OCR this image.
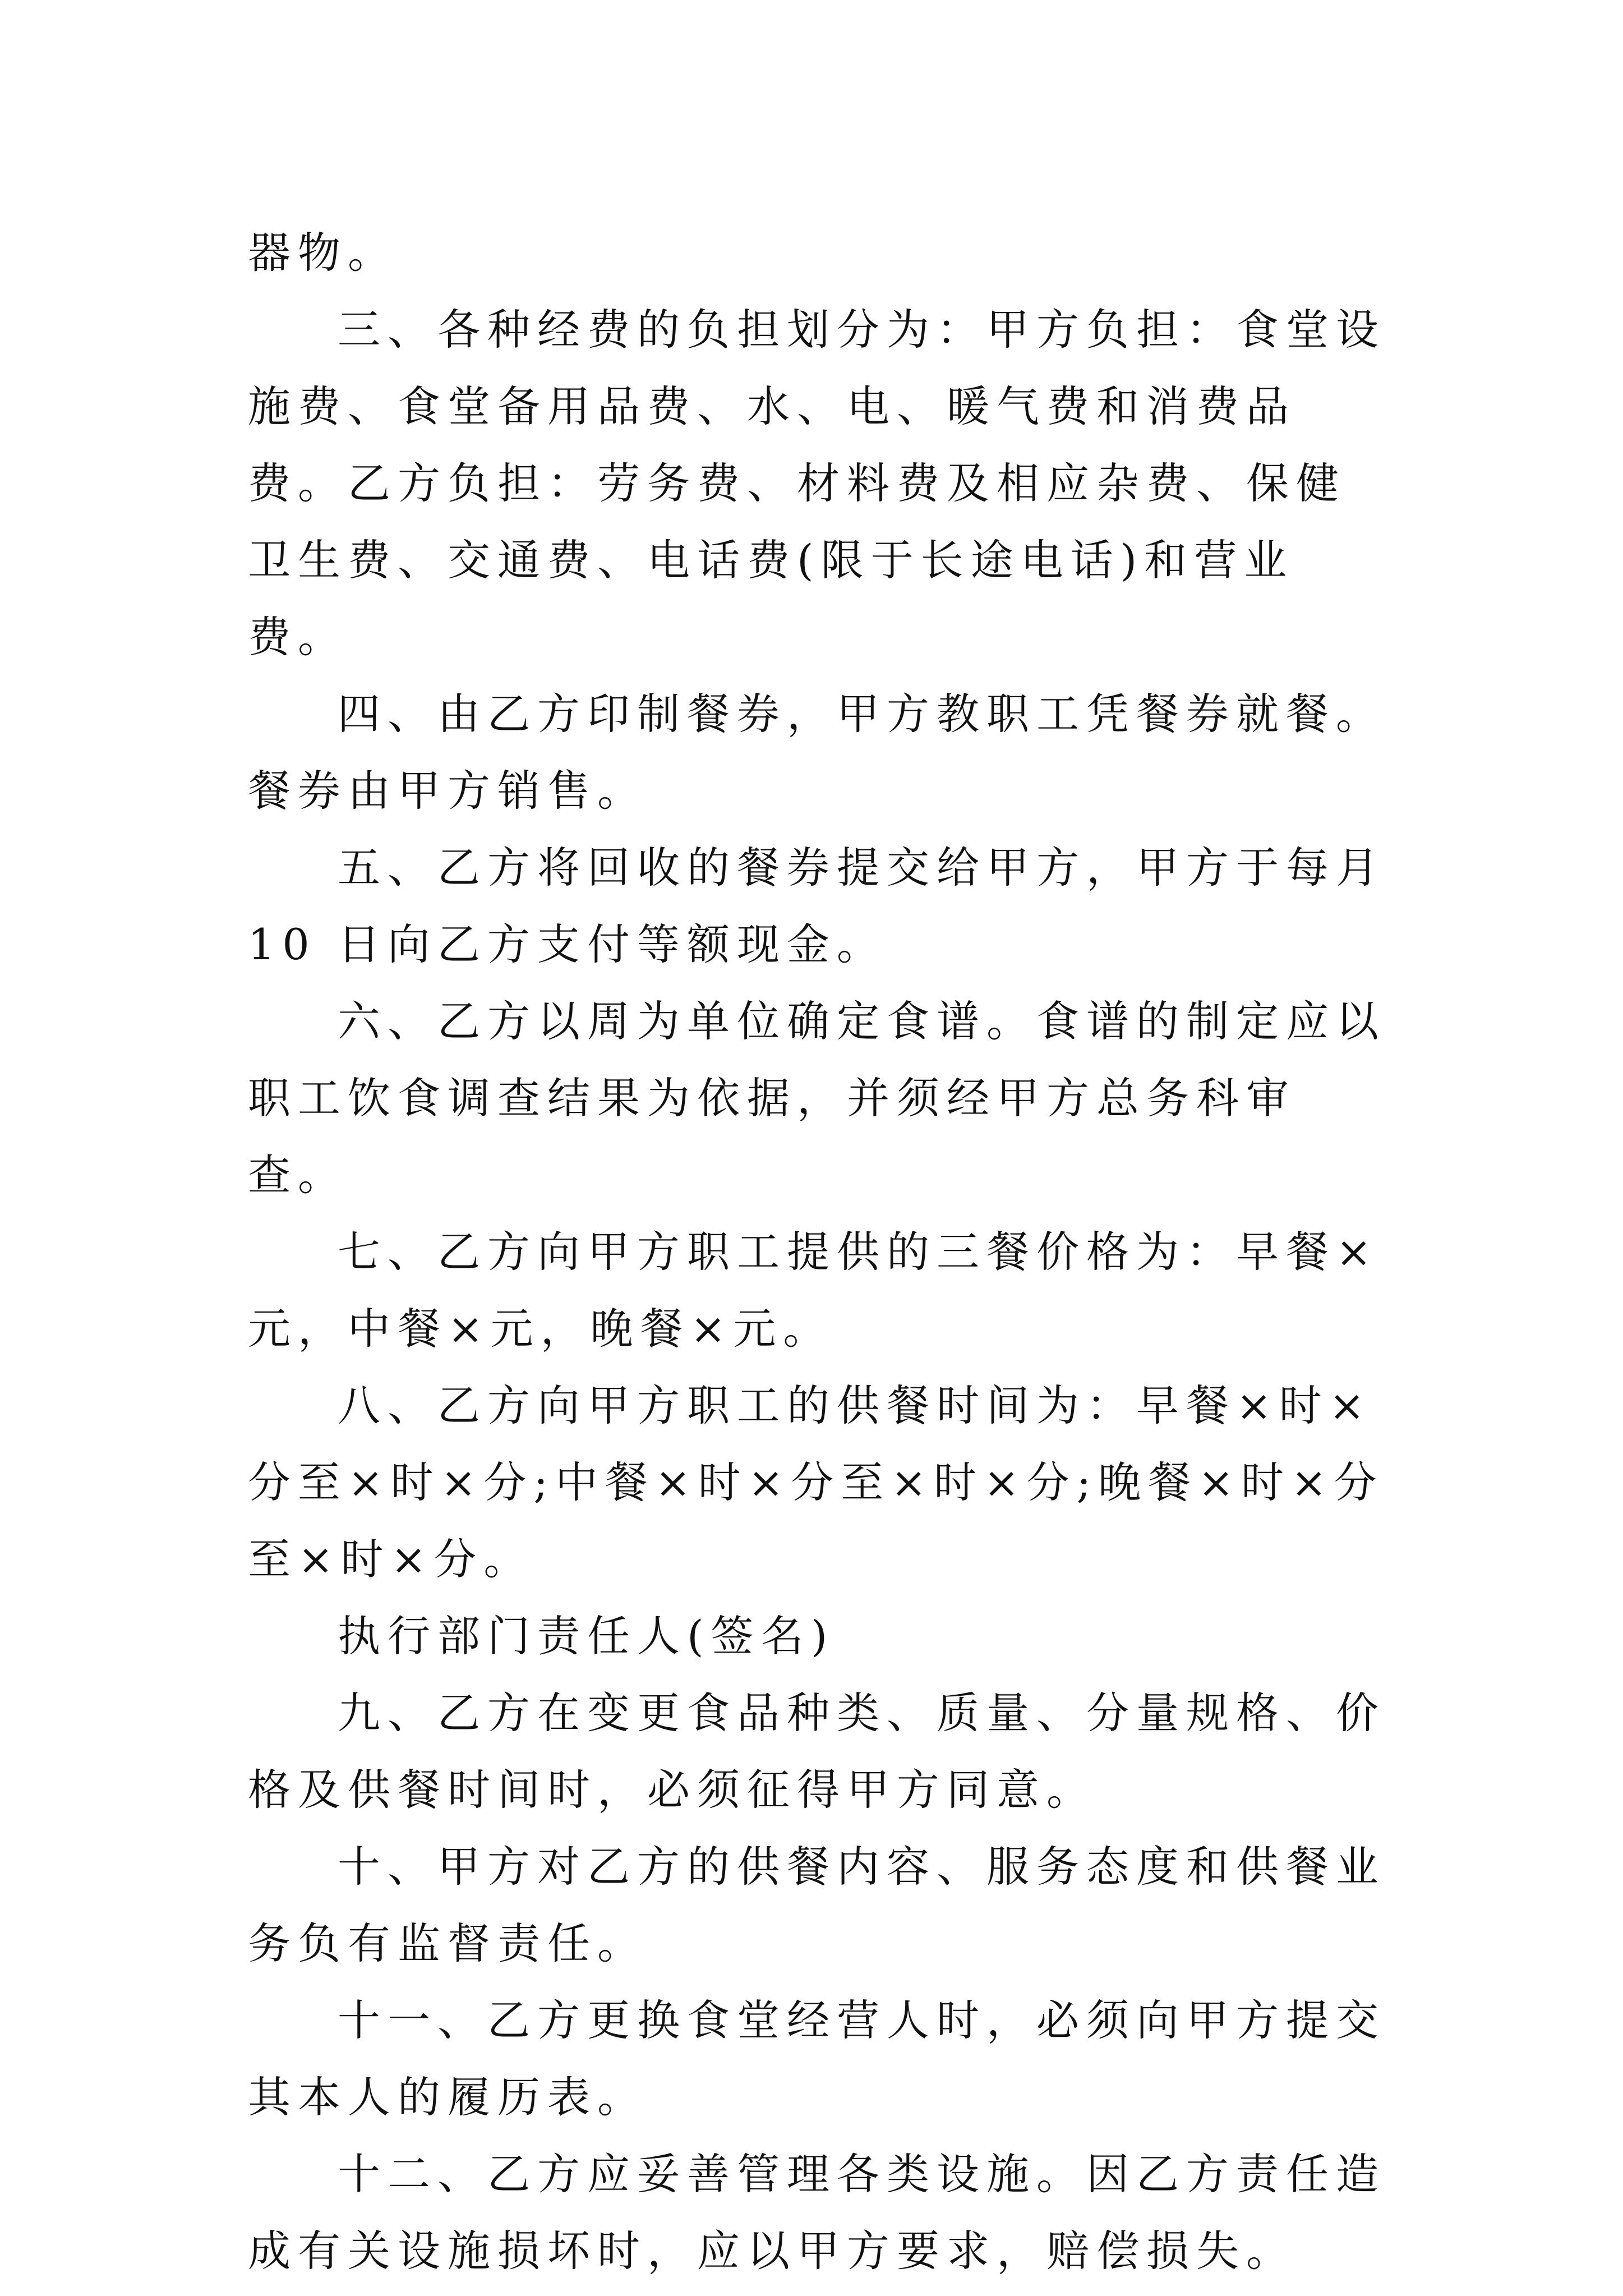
器物。

三、各种经费的负担划分为：甲方负担：食堂设施费、食堂备用品费、水、电、暖气费和消费品费。乙方负担：劳务费、材料费及相应杂费、保健卫生费、交通费、电话费(限于长途电话)和营业费。

四、由乙方印制餐券，甲方教职工凭餐券就餐。餐券由甲方销售。

五、乙方将回收的餐券提交给甲方，甲方于每月 10 日向乙方支付等额现金。

六、乙方以周为单位确定食谱。食谱的制定应以职工饮食调查结果为依据，并须经甲方总务科审查。

七、乙方向甲方职工提供的三餐价格为：早餐×元，中餐×元，晚餐×元。

八、乙方向甲方职工的供餐时间为：早餐×时×分至×时×分;中餐×时×分至×时×分;晚餐×时×分至×时×分。

执行部门责任人(签名)

九、乙方在变更食品种类、质量、分量规格、价格及供餐时间时，必须征得甲方同意。

十、甲方对乙方的供餐内容、服务态度和供餐业务负有监督责任。

十一、乙方更换食堂经营人时，必须向甲方提交其本人的履历表。

十二、乙方应妥善管理各类设施。因乙方责任造成有关设施损坏时，应以甲方要求，赔偿损失。
